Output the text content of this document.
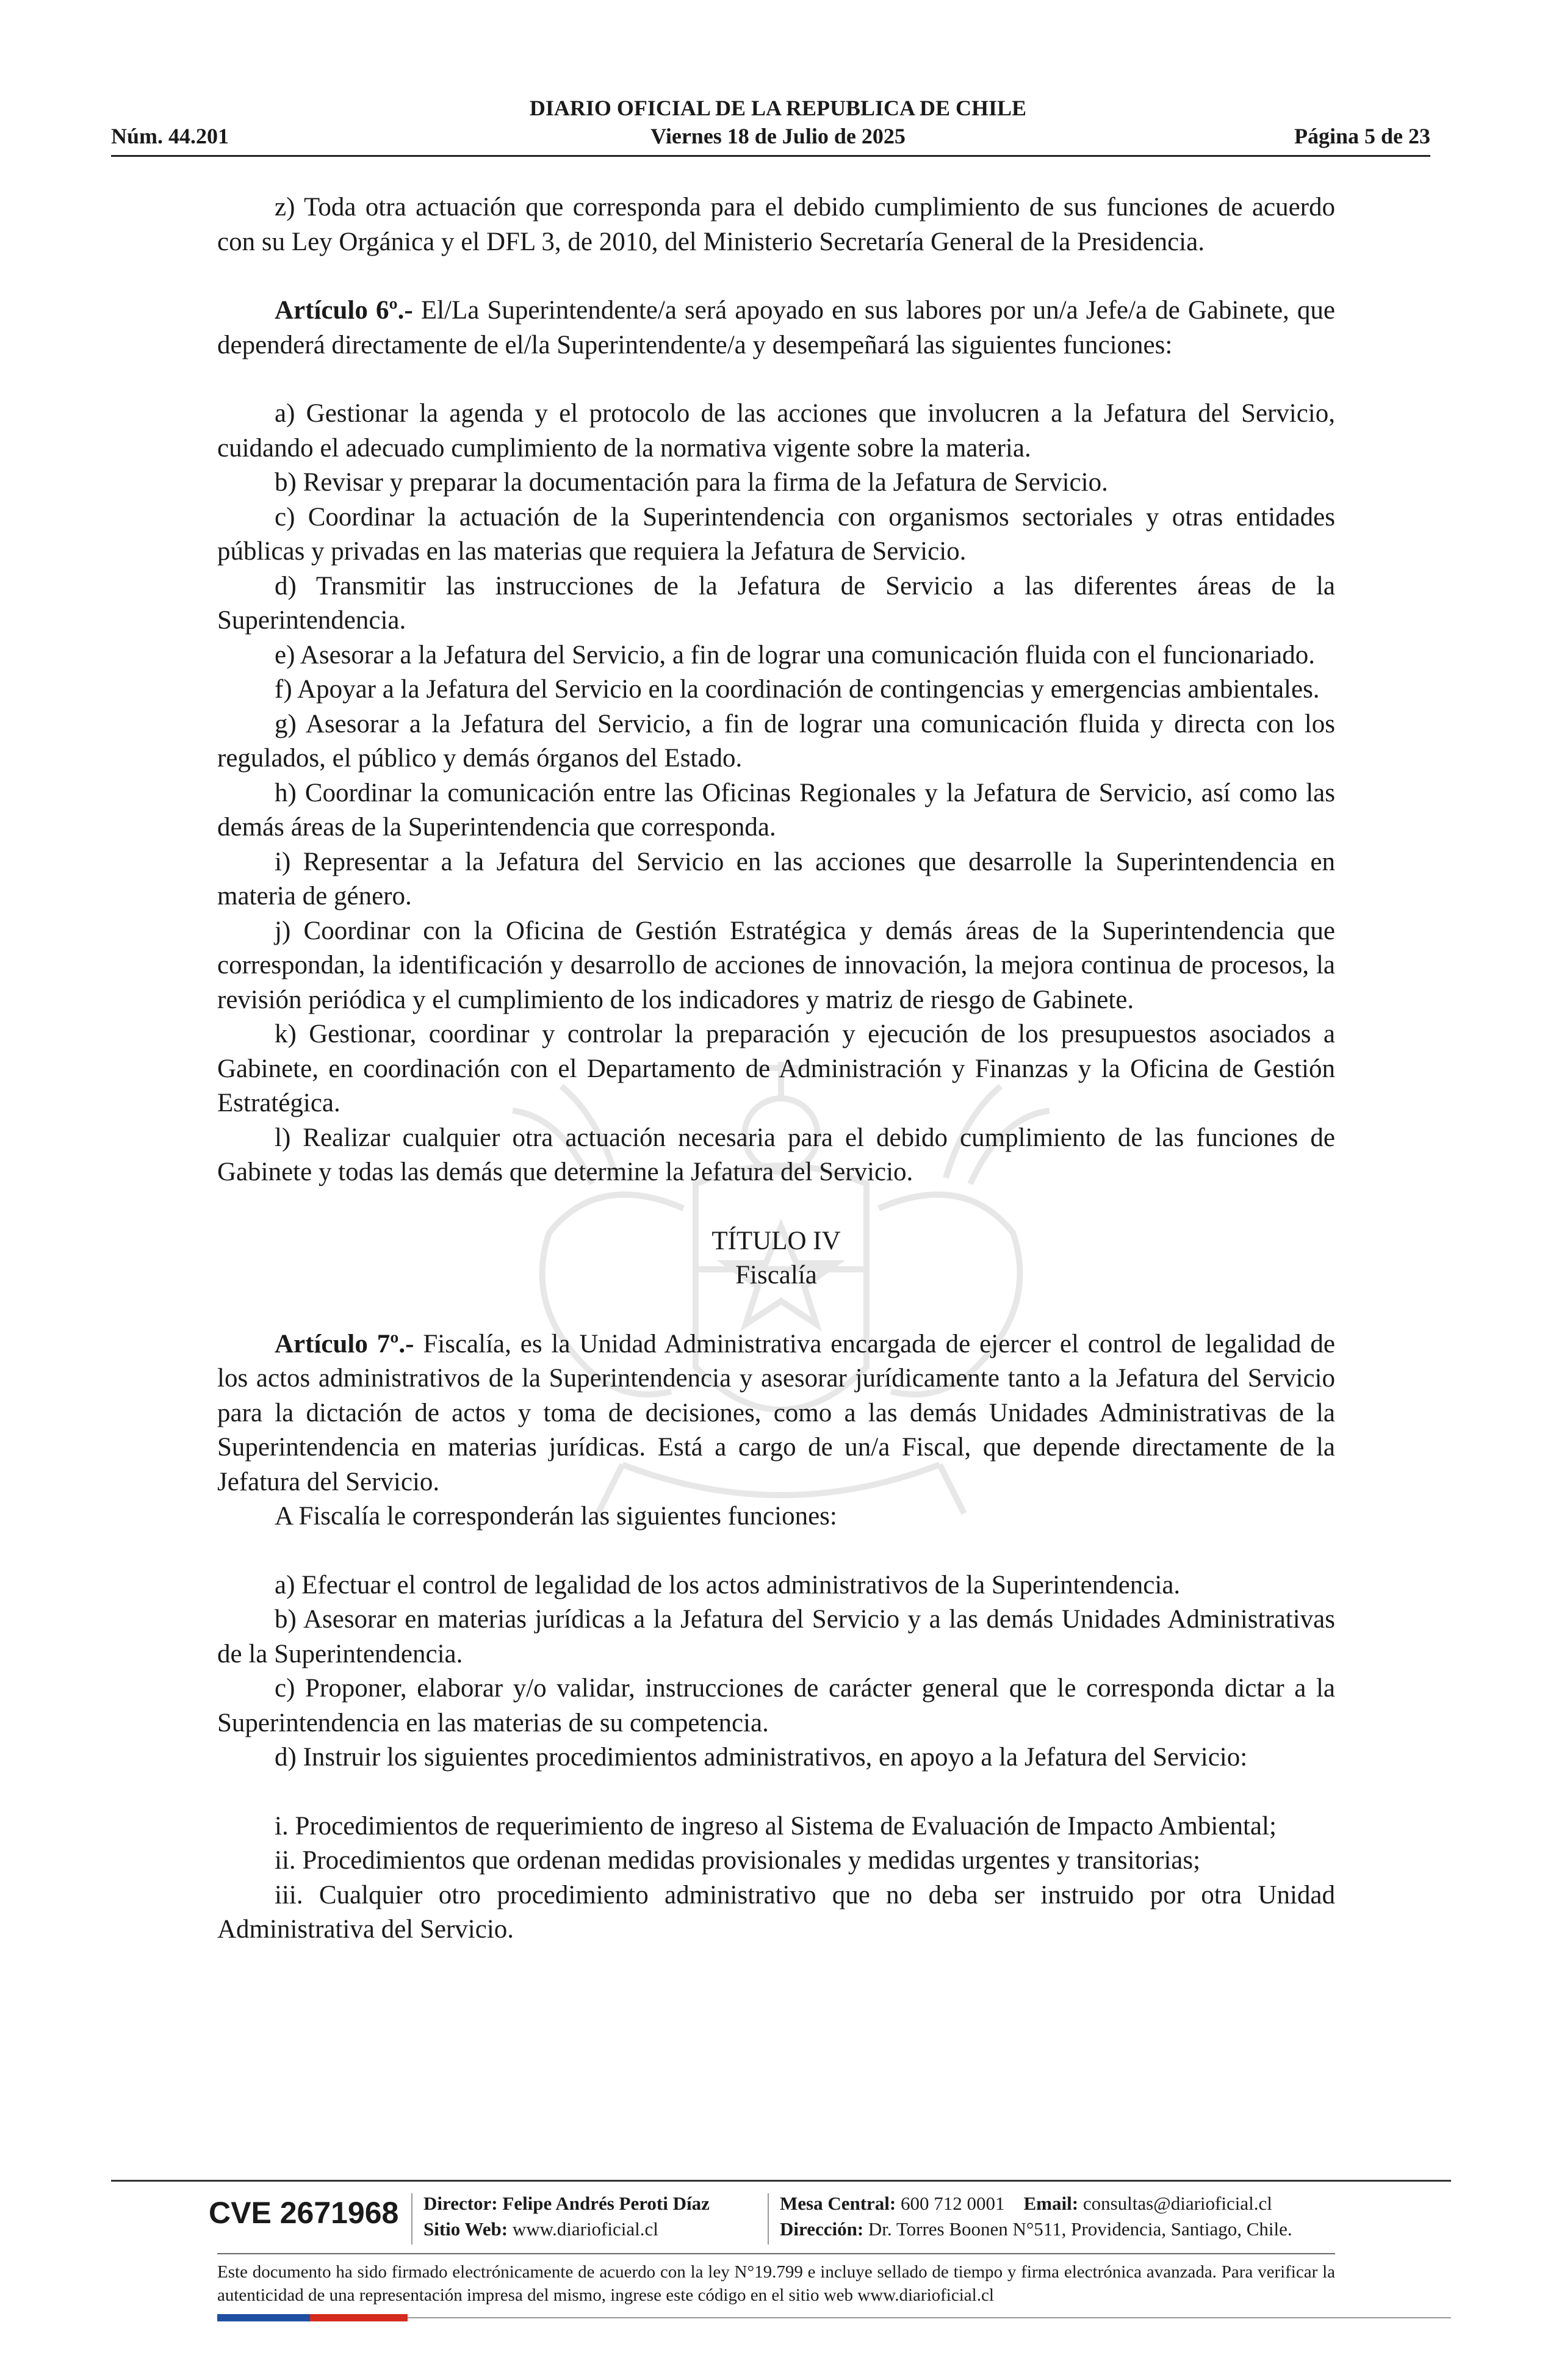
DIARIO OFICIAL DE LA REPUBLICA DE CHILE
Núm. 44.201	Viernes 18 de Julio de 2025	Página 5 de 23

z) Toda otra actuación que corresponda para el debido cumplimiento de sus funciones de acuerdo con su Ley Orgánica y el DFL 3, de 2010, del Ministerio Secretaría General de la Presidencia.

Artículo 6º.- El/La Superintendente/a será apoyado en sus labores por un/a Jefe/a de Gabinete, que dependerá directamente de el/la Superintendente/a y desempeñará las siguientes funciones:

a) Gestionar la agenda y el protocolo de las acciones que involucren a la Jefatura del Servicio, cuidando el adecuado cumplimiento de la normativa vigente sobre la materia.

b) Revisar y preparar la documentación para la firma de la Jefatura de Servicio.

c) Coordinar la actuación de la Superintendencia con organismos sectoriales y otras entidades públicas y privadas en las materias que requiera la Jefatura de Servicio.

d) Transmitir las instrucciones de la Jefatura de Servicio a las diferentes áreas de la Superintendencia.

e) Asesorar a la Jefatura del Servicio, a fin de lograr una comunicación fluida con el funcionariado.

f) Apoyar a la Jefatura del Servicio en la coordinación de contingencias y emergencias ambientales.

g) Asesorar a la Jefatura del Servicio, a fin de lograr una comunicación fluida y directa con los regulados, el público y demás órganos del Estado.

h) Coordinar la comunicación entre las Oficinas Regionales y la Jefatura de Servicio, así como las demás áreas de la Superintendencia que corresponda.

i) Representar a la Jefatura del Servicio en las acciones que desarrolle la Superintendencia en materia de género.

j) Coordinar con la Oficina de Gestión Estratégica y demás áreas de la Superintendencia que correspondan, la identificación y desarrollo de acciones de innovación, la mejora continua de procesos, la revisión periódica y el cumplimiento de los indicadores y matriz de riesgo de Gabinete.

k) Gestionar, coordinar y controlar la preparación y ejecución de los presupuestos asociados a Gabinete, en coordinación con el Departamento de Administración y Finanzas y la Oficina de Gestión Estratégica.

l) Realizar cualquier otra actuación necesaria para el debido cumplimiento de las funciones de Gabinete y todas las demás que determine la Jefatura del Servicio.

TÍTULO IV

Fiscalía

Artículo 7º.- Fiscalía, es la Unidad Administrativa encargada de ejercer el control de legalidad de los actos administrativos de la Superintendencia y asesorar jurídicamente tanto a la Jefatura del Servicio para la dictación de actos y toma de decisiones, como a las demás Unidades Administrativas de la Superintendencia en materias jurídicas. Está a cargo de un/a Fiscal, que depende directamente de la Jefatura del Servicio.

A Fiscalía le corresponderán las siguientes funciones:

a) Efectuar el control de legalidad de los actos administrativos de la Superintendencia.

b) Asesorar en materias jurídicas a la Jefatura del Servicio y a las demás Unidades Administrativas de la Superintendencia.

c) Proponer, elaborar y/o validar, instrucciones de carácter general que le corresponda dictar a la Superintendencia en las materias de su competencia.

d) Instruir los siguientes procedimientos administrativos, en apoyo a la Jefatura del Servicio:

i. Procedimientos de requerimiento de ingreso al Sistema de Evaluación de Impacto Ambiental;

ii. Procedimientos que ordenan medidas provisionales y medidas urgentes y transitorias;

iii. Cualquier otro procedimiento administrativo que no deba ser instruido por otra Unidad Administrativa del Servicio.

CVE 2671968 Director: Felipe Andrés Peroti Díaz
Sitio Web: www.diarioficial.cl
Mesa Central: 600 712 0001 Email: consultas@diarioficial.cl
Dirección: Dr. Torres Boonen N°511, Providencia, Santiago, Chile.
Este documento ha sido firmado electrónicamente de acuerdo con la ley N°19.799 e incluye sellado de tiempo y firma electrónica avanzada. Para verificar la autenticidad de una representación impresa del mismo, ingrese este código en el sitio web www.diarioficial.cl
